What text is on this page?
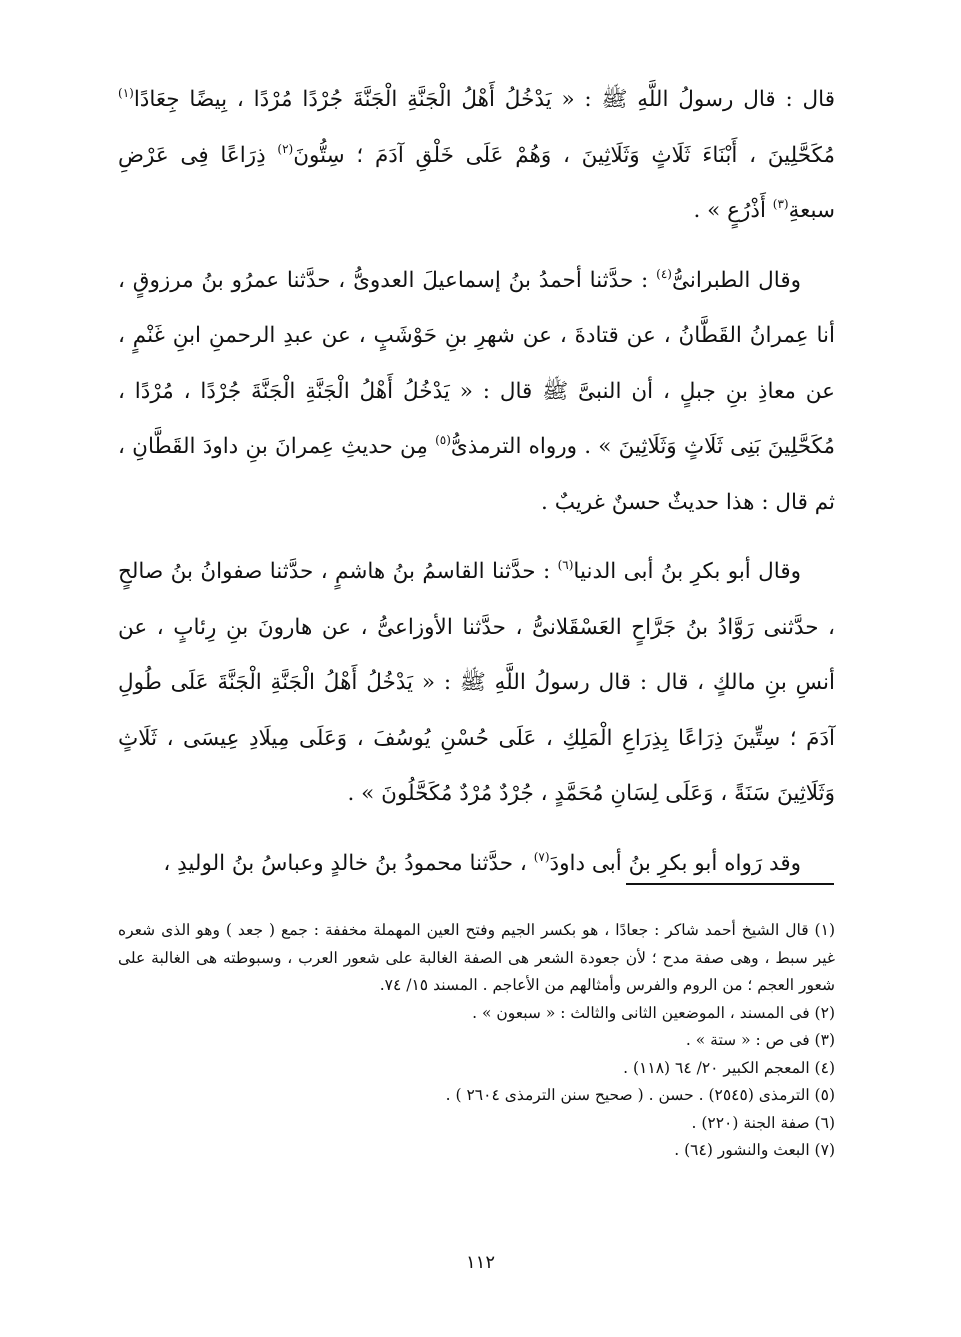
قال : قال رسولُ اللَّهِ ﷺ : « يَدْخُلُ أَهْلُ الْجَنَّةِ الْجَنَّةَ جُرْدًا مُرْدًا ، بِيضًا جِعَادًا$^{(١)}$ مُكَحَّلِينَ ، أَبْنَاءَ ثَلَاثٍ وَثَلَاثِينَ ، وَهُمْ عَلَى خَلْقِ آدَمَ ؛ سِتُّونَ$^{(٢)}$ ذِرَاعًا فِى عَرْضِ سبعةِ$^{(٣)}$ أَذْرُعٍ » .

وقال الطبرانىُّ$^{(٤)}$ : حدَّثنا أحمدُ بنُ إسماعيلَ العدوىُّ ، حدَّثنا عمرُو بنُ مرزوقٍ ، أنا عِمرانُ القَطَّانُ ، عن قتادةَ ، عن شهرِ بنِ حَوْشَبٍ ، عن عبدِ الرحمنِ ابنِ غَنْمٍ ، عن معاذِ بنِ جبلٍ ، أن النبىَّ ﷺ قال : « يَدْخُلُ أَهْلُ الْجَنَّةِ الْجَنَّةَ جُرْدًا ، مُرْدًا ، مُكَحَّلِينَ بَنِى ثَلَاثٍ وَثَلَاثِينَ » . ورواه الترمذىُّ$^{(٥)}$ مِن حديثِ عِمرانَ بنِ داودَ القَطَّانِ ، ثم قال : هذا حديثٌ حسنٌ غريبٌ .

وقال أبو بكرِ بنُ أبى الدنيا$^{(٦)}$ : حدَّثنا القاسمُ بنُ هاشمٍ ، حدَّثنا صفوانُ بنُ صالحٍ ، حدَّثنى رَوَّادُ بنُ جَرَّاحٍ العَسْقَلانىُّ ، حدَّثنا الأوزاعىُّ ، عن هارونَ بنِ رِئابٍ ، عن أنسِ بنِ مالكٍ ، قال : قال رسولُ اللَّهِ ﷺ : « يَدْخُلُ أَهْلُ الْجَنَّةِ الْجَنَّةَ عَلَى طُولِ آدَمَ ؛ سِتِّينَ ذِرَاعًا بِذِرَاعِ الْمَلِكِ ، عَلَى حُسْنِ يُوسُفَ ، وَعَلَى مِيلَادِ عِيسَى ، ثَلَاثٍ وَثَلَاثِينَ سَنَةً ، وَعَلَى لِسَانِ مُحَمَّدٍ ، جُرْدٌ مُرْدٌ مُكَحَّلُونَ » .

وقد رَواه أبو بكرِ بنُ أبى داودَ$^{(٧)}$ ، حدَّثنا محمودُ بنُ خالدٍ وعباسُ بنُ الوليدِ ،

(١) قال الشيخ أحمد شاكر : جعادًا ، هو بكسر الجيم وفتح العين المهملة مخففة : جمع ( جعد ) وهو الذى شعره غير سبط ، وهى صفة مدح ؛ لأن جعودة الشعر هى الصفة الغالبة على شعور العرب ، وسبوطته هى الغالبة على شعور العجم ؛ من الروم والفرس وأمثالهم من الأعاجم . المسند ١٥/ ٧٤.

(٢) فى المسند ، الموضعين الثانى والثالث : « سبعون » .

(٣) فى ص : « ستة » .

(٤) المعجم الكبير ٢٠/ ٦٤ (١١٨) .

(٥) الترمذى (٢٥٤٥) . حسن . ( صحيح سنن الترمذى ٢٦٠٤ ) .

(٦) صفة الجنة (٢٢٠) .

(٧) البعث والنشور (٦٤) .

١١٢
